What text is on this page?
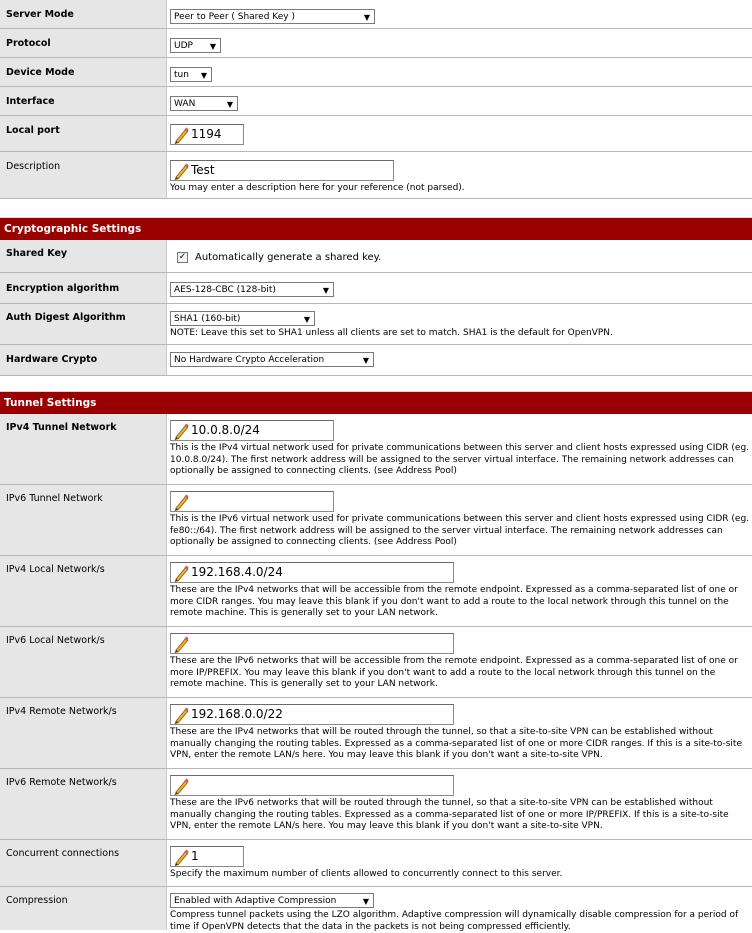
Server Mode	Peer to Peer ( Shared Key )	▼
Protocol	UDP ▼
Device Mode	tun ▼
Interface	WAN	▼
Local port	1194
Description	Test
You may enter a description here for your reference (not parsed).
Cryptographic Settings
Shared Key	✓ Automatically generate a shared key.
Encryption algorithm	AES-128-CBC (128-bit)	▼
Auth Digest Algorithm	SHA1 (160-bit)	▼
NOTE: Leave this set to SHA1 unless all clients are set to match. SHA1 is the default for OpenVPN.
Hardware Crypto	No Hardware Crypto Acceleration	▼
Tunnel Settings
IPv4 Tunnel Network	10.0.8.0/24
This is the IPv4 virtual network used for private communications between this server and client hosts expressed using CIDR (eg.
10.0.8.0/24). The first network address will be assigned to the server virtual interface. The remaining network addresses can
optionally be assigned to connecting clients. (see Address Pool)
IPv6 Tunnel Network
This is the IPv6 virtual network used for private communications between this server and client hosts expressed using CIDR (eg.
fe80::/64). The first network address will be assigned to the server virtual interface. The remaining network addresses can
optionally be assigned to connecting clients. (see Address Pool)
IPv4 Local Network/s	192.168.4.0/24
These are the IPv4 networks that will be accessible from the remote endpoint. Expressed as a comma-separated list of one or
more CIDR ranges. You may leave this blank if you don't want to add a route to the local network through this tunnel on the
remote machine. This is generally set to your LAN network.
IPv6 Local Network/s
These are the IPv6 networks that will be accessible from the remote endpoint. Expressed as a comma-separated list of one or
more IP/PREFIX. You may leave this blank if you don't want to add a route to the local network through this tunnel on the
remote machine. This is generally set to your LAN network.
IPv4 Remote Network/s	192.168.0.0/22
These are the IPv4 networks that will be routed through the tunnel, so that a site-to-site VPN can be established without
manually changing the routing tables. Expressed as a comma-separated list of one or more CIDR ranges. If this is a site-to-site
VPN, enter the remote LAN/s here. You may leave this blank if you don't want a site-to-site VPN.
IPv6 Remote Network/s
These are the IPv6 networks that will be routed through the tunnel, so that a site-to-site VPN can be established without
manually changing the routing tables. Expressed as a comma-separated list of one or more IP/PREFIX. If this is a site-to-site
VPN, enter the remote LAN/s here. You may leave this blank if you don't want a site-to-site VPN.
Concurrent connections	1
Specify the maximum number of clients allowed to concurrently connect to this server.
Compression	Enabled with Adaptive Compression	▼
Compress tunnel packets using the LZO algorithm. Adaptive compression will dynamically disable compression for a period of
time if OpenVPN detects that the data in the packets is not being compressed efficiently.
